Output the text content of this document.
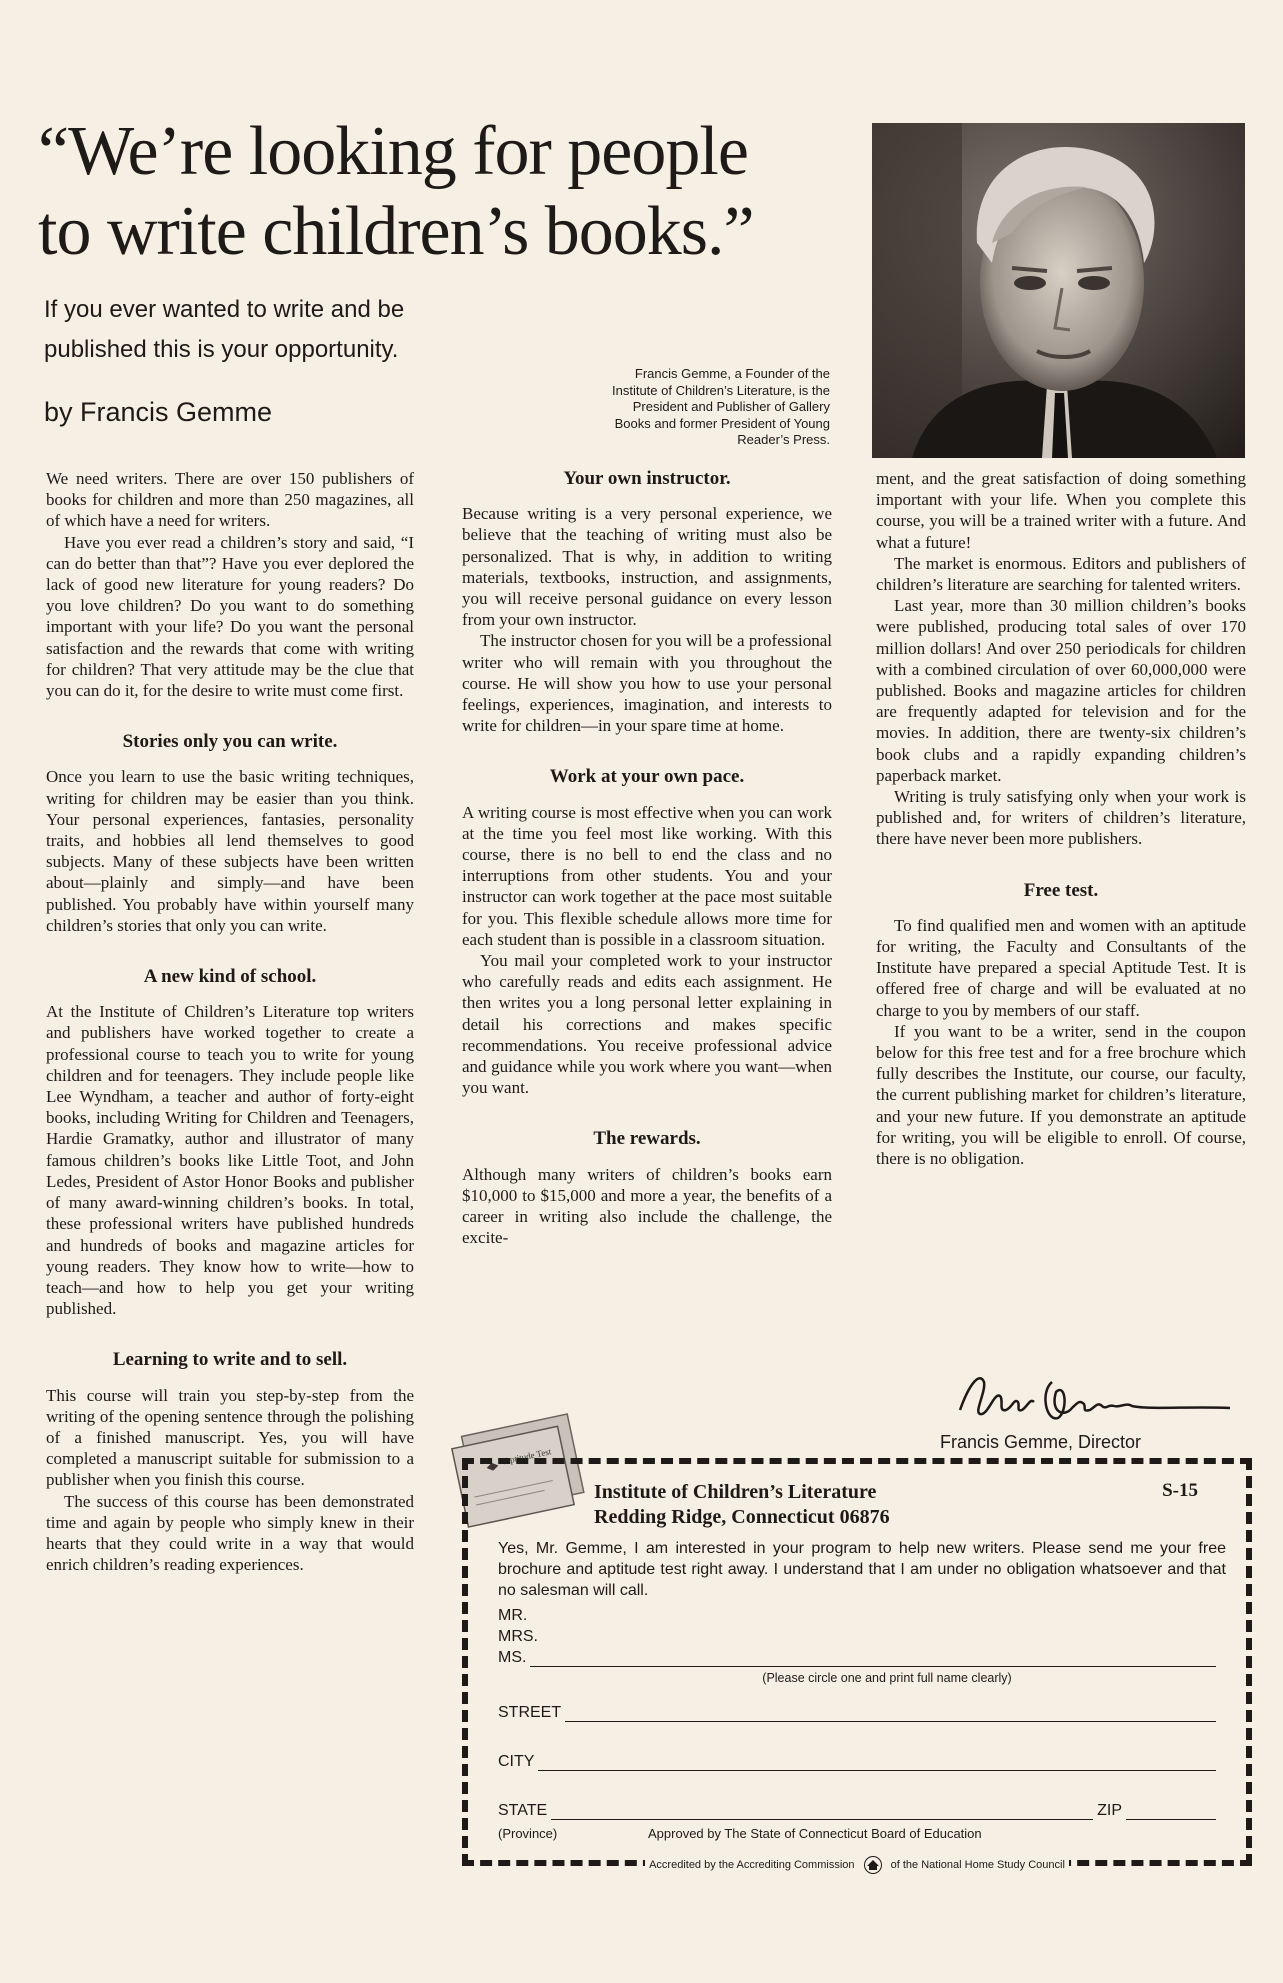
“We’re looking for people
to write children’s books.”
If you ever wanted to write and be
published this is your opportunity.
by Francis Gemme
Francis Gemme, a Founder of the
Institute of Children’s Literature, is the
President and Publisher of Gallery
Books and former President of Young
Reader’s Press.

We need writers. There are over 150 publishers of books for children and more than 250 magazines, all of which have a need for writers.

Have you ever read a children’s story and said, “I can do better than that”? Have you ever deplored the lack of good new literature for young readers? Do you love children? Do you want to do something important with your life? Do you want the personal satisfaction and the rewards that come with writing for children? That very attitude may be the clue that you can do it, for the desire to write must come first.

Stories only you can write.

Once you learn to use the basic writing techniques, writing for children may be easier than you think. Your personal experiences, fantasies, personality traits, and hobbies all lend themselves to good subjects. Many of these subjects have been written about—plainly and simply—and have been published. You probably have within yourself many children’s stories that only you can write.

A new kind of school.

At the Institute of Children’s Literature top writers and publishers have worked together to create a professional course to teach you to write for young children and for teenagers. They include people like Lee Wyndham, a teacher and author of forty-eight books, including Writing for Children and Teenagers, Hardie Gramatky, author and illustrator of many famous children’s books like Little Toot, and John Ledes, President of Astor Honor Books and publisher of many award-winning children’s books. In total, these professional writers have published hundreds and hundreds of books and magazine articles for young readers. They know how to write—how to teach—and how to help you get your writing published.

Learning to write and to sell.

This course will train you step-by-step from the writing of the opening sentence through the polishing of a finished manuscript. Yes, you will have completed a manuscript suitable for submission to a publisher when you finish this course.

The success of this course has been demonstrated time and again by people who simply knew in their hearts that they could write in a way that would enrich children’s reading experiences.

Your own instructor.

Because writing is a very personal experience, we believe that the teaching of writing must also be personalized. That is why, in addition to writing materials, textbooks, instruction, and assignments, you will receive personal guidance on every lesson from your own instructor.

The instructor chosen for you will be a professional writer who will remain with you throughout the course. He will show you how to use your personal feelings, experiences, imagination, and interests to write for children—in your spare time at home.

Work at your own pace.

A writing course is most effective when you can work at the time you feel most like working. With this course, there is no bell to end the class and no interruptions from other students. You and your instructor can work together at the pace most suitable for you. This flexible schedule allows more time for each student than is possible in a classroom situation.

You mail your completed work to your instructor who carefully reads and edits each assignment. He then writes you a long personal letter explaining in detail his corrections and makes specific recommendations. You receive professional advice and guidance while you work where you want—when you want.

The rewards.

Although many writers of children’s books earn $10,000 to $15,000 and more a year, the benefits of a career in writing also include the challenge, the excite-

ment, and the great satisfaction of doing something important with your life. When you complete this course, you will be a trained writer with a future. And what a future!

The market is enormous. Editors and publishers of children’s literature are searching for talented writers.

Last year, more than 30 million children’s books were published, producing total sales of over 170 million dollars! And over 250 periodicals for children with a combined circulation of over 60,000,000 were published. Books and magazine articles for children are frequently adapted for television and for the movies. In addition, there are twenty-six children’s book clubs and a rapidly expanding children’s paperback market.

Writing is truly satisfying only when your work is published and, for writers of children’s literature, there have never been more publishers.

Free test.

To find qualified men and women with an aptitude for writing, the Faculty and Consultants of the Institute have prepared a special Aptitude Test. It is offered free of charge and will be evaluated at no charge to you by members of our staff.

If you want to be a writer, send in the coupon below for this free test and for a free brochure which fully describes the Institute, our course, our faculty, the current publishing market for children’s literature, and your new future. If you demonstrate an aptitude for writing, you will be eligible to enroll. Of course, there is no obligation.

Francis Gemme, Director
Aptitude Test
Institute of Children’s Literature
Redding Ridge, Connecticut 06876
S-15
Yes, Mr. Gemme, I am interested in your program to help new writers. Please send me your free brochure and aptitude test right away. I understand that I am under no obligation whatsoever and that no salesman will call.
MR.
MRS.
MS.
(Please circle one and print full name clearly)
STREET
CITY
STATE	ZIP
(Province)	Approved by The State of Connecticut Board of Education
Accredited by the Accrediting Commission	of the National Home Study Council
